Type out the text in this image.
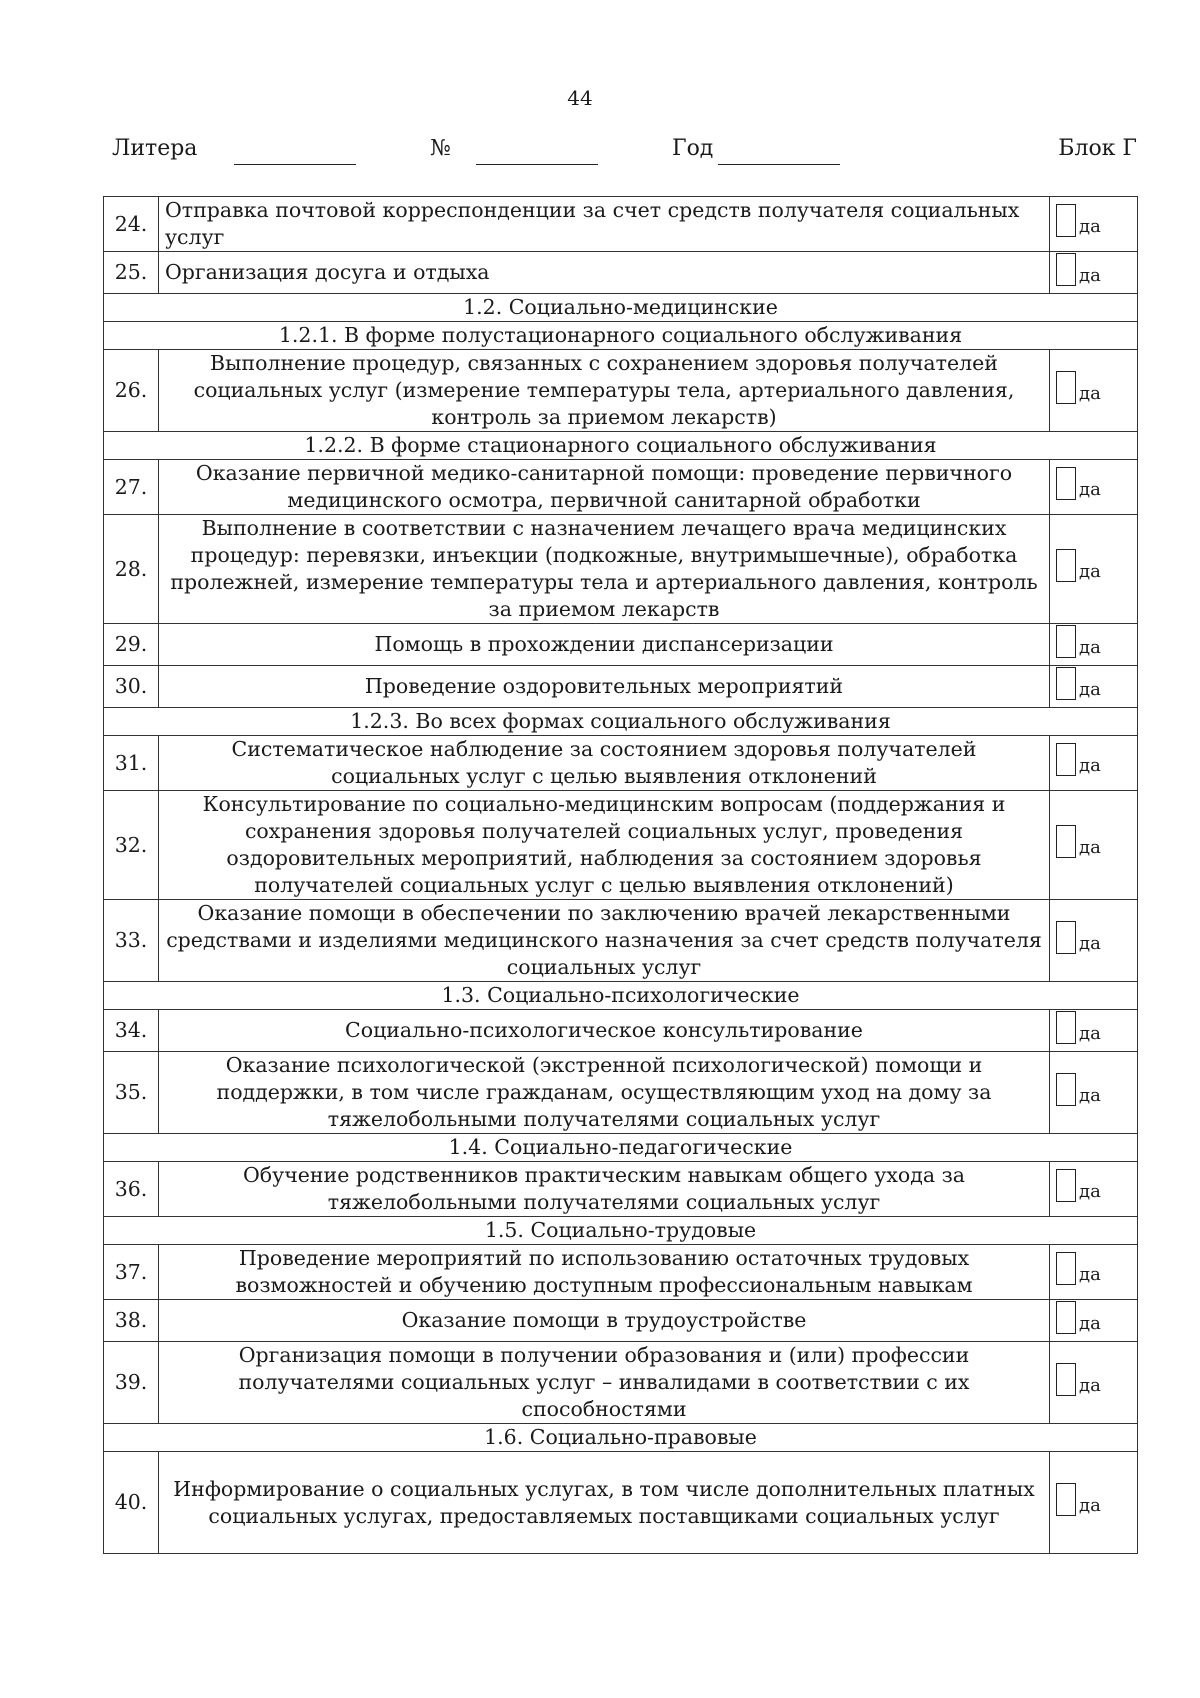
44
Литера	№	Год	Блок Г
24.	Отправка почтовой корреспонденции за счет средств получателя социальных услуг	да

25.	Организация досуга и отдыха	да

1.2. Социально-медицинские		
1.2.1. В форме полустационарного социального обслуживания		
26.	Выполнение процедур, связанных с сохранением здоровья получателей социальных услуг (измерение температуры тела, артериального давления, контроль за приемом лекарств)	да

1.2.2. В форме стационарного социального обслуживания		
27.	Оказание первичной медико-санитарной помощи: проведение первичного медицинского осмотра, первичной санитарной обработки	да

28.	Выполнение в соответствии с назначением лечащего врача медицинских процедур: перевязки, инъекции (подкожные, внутримышечные), обработка пролежней, измерение температуры тела и артериального давления, контроль за приемом лекарств	да

29.	Помощь в прохождении диспансеризации	да

30.	Проведение оздоровительных мероприятий	да

1.2.3. Во всех формах социального обслуживания		
31.	Систематическое наблюдение за состоянием здоровья получателей социальных услуг с целью выявления отклонений	да

32.	Консультирование по социально-медицинским вопросам (поддержания и сохранения здоровья получателей социальных услуг, проведения оздоровительных мероприятий, наблюдения за состоянием здоровья получателей социальных услуг с целью выявления отклонений)	да

33.	Оказание помощи в обеспечении по заключению врачей лекарственными средствами и изделиями медицинского назначения за счет средств получателя социальных услуг	да

1.3. Социально-психологические		
34.	Социально-психологическое консультирование	да

35.	Оказание психологической (экстренной психологической) помощи и поддержки, в том числе гражданам, осуществляющим уход на дому за тяжелобольными получателями социальных услуг	да

1.4. Социально-педагогические		
36.	Обучение родственников практическим навыкам общего ухода за тяжелобольными получателями социальных услуг	да

1.5. Социально-трудовые		
37.	Проведение мероприятий по использованию остаточных трудовых возможностей и обучению доступным профессиональным навыкам	да

38.	Оказание помощи в трудоустройстве	да

39.	Организация помощи в получении образования и (или) профессии получателями социальных услуг – инвалидами в соответствии с их способностями	да

1.6. Социально-правовые		
40.	Информирование о социальных услугах, в том числе дополнительных платных социальных услугах, предоставляемых поставщиками социальных услуг	да
